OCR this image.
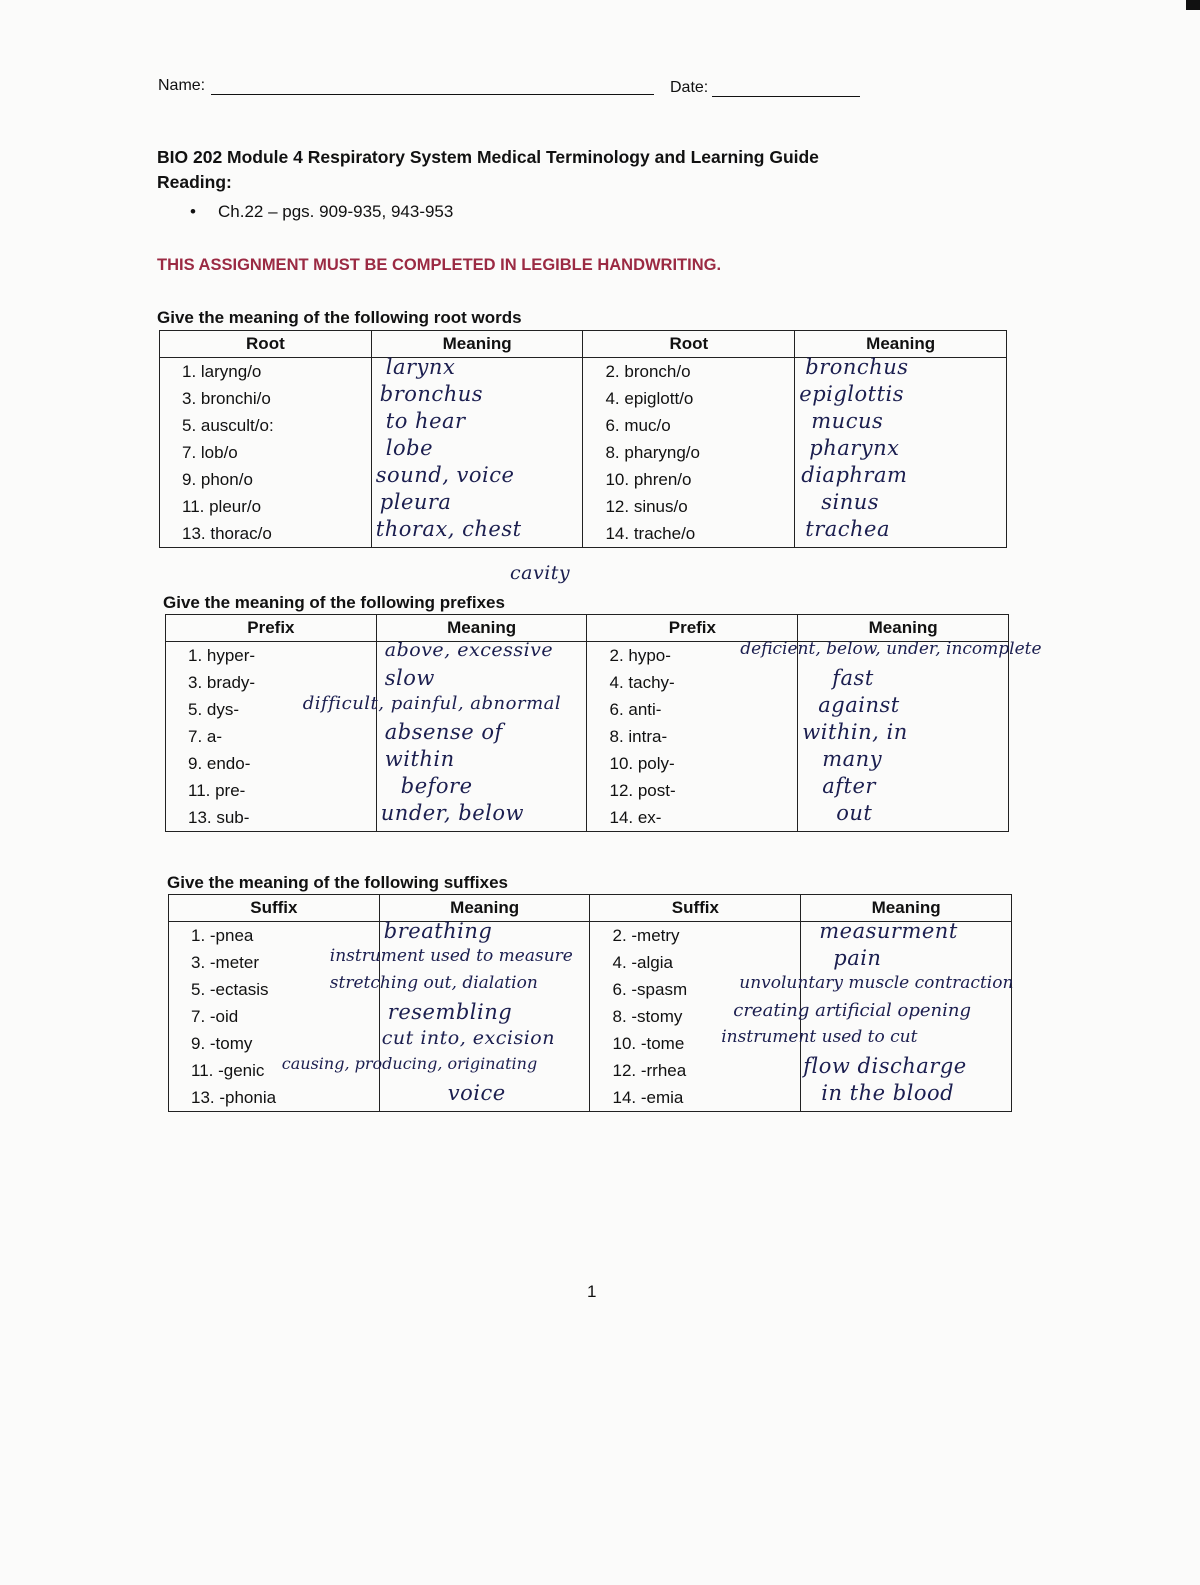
Name:	Date:
BIO 202 Module 4 Respiratory System Medical Terminology and Learning Guide
Reading:
• Ch.22 – pgs. 909-935, 943-953
THIS ASSIGNMENT MUST BE COMPLETED IN LEGIBLE HANDWRITING.
Give the meaning of the following root words
Root	Meaning	Root	Meaning
1. laryng/o	larynx	2. bronch/o	bronchus

3. bronchi/o	bronchus	4. epiglott/o	epiglottis

5. auscult/o:	to hear	6. muc/o	mucus

7. lob/o	lobe	8. pharyng/o	pharynx

9. phon/o	sound, voice	10. phren/o	diaphram

11. pleur/o	pleura	12. sinus/o	sinus

13. thorac/o	thorax, chest	14. trache/o	trachea
cavity
Give the meaning of the following prefixes
Prefix	Meaning	Prefix	Meaning
1. hyper-	above, excessive	2. hypo-	deficient, below, under, incomplete

3. brady-	slow	4. tachy-	fast

5. dys-	difficult, painful, abnormal	6. anti-	against

7. a-	absense of	8. intra-	within, in

9. endo-	within	10. poly-	many

11. pre-	before	12. post-	after

13. sub-	under, below	14. ex-	out
Give the meaning of the following suffixes
Suffix	Meaning	Suffix	Meaning
1. -pnea	breathing	2. -metry	measurment

3. -meter	instrument used to measure	4. -algia	pain

5. -ectasis	stretching out, dialation	6. -spasm	unvoluntary muscle contraction

7. -oid	resembling	8. -stomy	creating artificial opening

9. -tomy	cut into, excision	10. -tome	instrument used to cut

11. -genic	causing, producing, originating	12. -rrhea	flow discharge

13. -phonia	voice	14. -emia	in the blood
1
